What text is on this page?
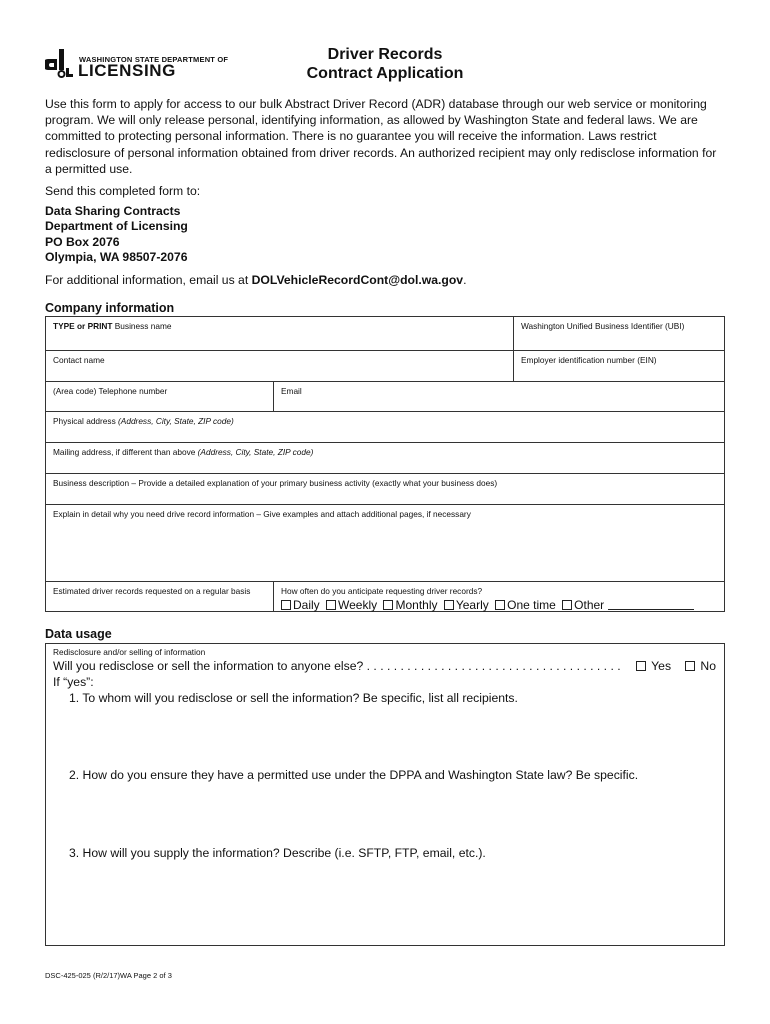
WASHINGTON STATE DEPARTMENT OF
LICENSING
Driver Records
Contract Application
Use this form to apply for access to our bulk Abstract Driver Record (ADR) database through our web service or monitoring program. We will only release personal, identifying information, as allowed by Washington State and federal laws. We are committed to protecting personal information. There is no guarantee you will receive the information. Laws restrict redisclosure of personal information obtained from driver records. An authorized recipient may only redisclose information for a permitted use.
Send this completed form to:
Data Sharing Contracts
Department of Licensing
PO Box 2076
Olympia, WA 98507-2076
For additional information, email us at DOLVehicleRecordCont@dol.wa.gov.
Company information
TYPE or PRINT Business name	Washington Unified Business Identifier (UBI)
Contact name	Employer identification number (EIN)
(Area code) Telephone number	Email
Physical address (Address, City, State, ZIP code)
Mailing address, if different than above (Address, City, State, ZIP code)
Business description – Provide a detailed explanation of your primary business activity (exactly what your business does)
Explain in detail why you need drive record information – Give examples and attach additional pages, if necessary
Estimated driver records requested on a regular basis	How often do you anticipate requesting driver records?
Daily Weekly Monthly Yearly One time Other
Data usage
Redisclosure and/or selling of information
Will you redisclose or sell the information to anyone else? . . . . . . . . . . . . . . . . . . . . . . . . . . . . . . . . . . . . . .	Yes	No
If “yes”:
1. To whom will you redisclose or sell the information? Be specific, list all recipients.
2. How do you ensure they have a permitted use under the DPPA and Washington State law? Be specific.
3. How will you supply the information? Describe (i.e. SFTP, FTP, email, etc.).
DSC-425-025 (R/2/17)WA Page 2 of 3
